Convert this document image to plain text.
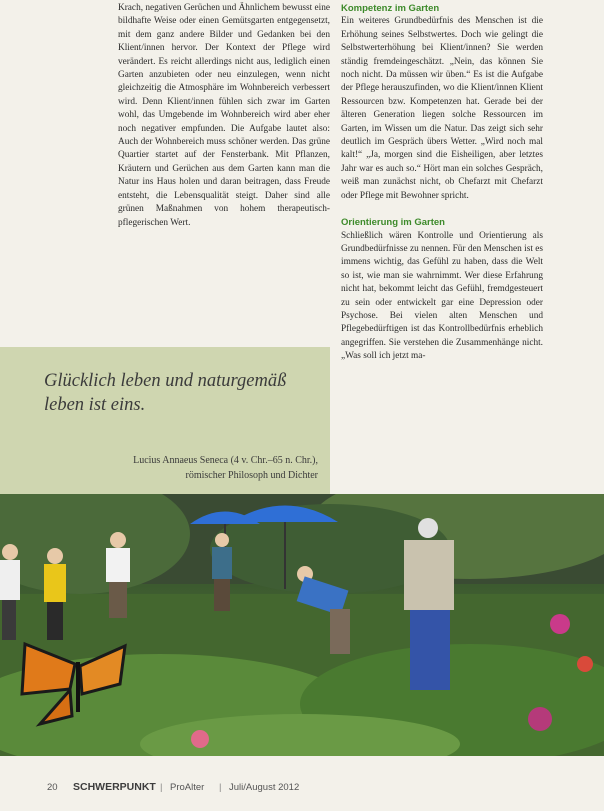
Krach, negativen Gerüchen und Ähnlichem bewusst eine bildhafte Weise oder einen Gemütsgarten entgegensetzt, mit dem ganz andere Bilder und Gedanken bei den Klient/innen hervor. Der Kontext der Pflege wird verändert. Es reicht allerdings nicht aus, lediglich einen Garten anzubieten oder neu einzulegen, wenn nicht gleichzeitig die Atmosphäre im Wohnbereich verbessert wird. Denn Klient/innen fühlen sich zwar im Garten wohl, das Umgebende im Wohnbereich wird aber eher noch negativer empfunden. Die Aufgabe lautet also: Auch der Wohnbereich muss schöner werden. Das grüne Quartier startet auf der Fensterbank. Mit Pflanzen, Kräutern und Gerüchen aus dem Garten kann man die Natur ins Haus holen und daran beitragen, dass Freude entsteht, die Lebensqualität steigt. Daher sind alle grünen Maßnahmen von hohem therapeutisch-pflegerischen Wert.

Kompetenz im Garten

Ein weiteres Grundbedürfnis des Menschen ist die Erhöhung seines Selbstwertes. Doch wie gelingt die Selbstwerterhöhung bei Klient/innen? Sie werden ständig fremdeingeschätzt. „Nein, das können Sie noch nicht. Da müssen wir üben.“ Es ist die Aufgabe der Pflege herauszufinden, wo die Klient/innen Klient Ressourcen bzw. Kompetenzen hat. Gerade bei der älteren Generation liegen solche Ressourcen im Garten, im Wissen um die Natur. Das zeigt sich sehr deutlich im Gespräch übers Wetter. „Wird noch mal kalt!“ „Ja, morgen sind die Eisheiligen, aber letztes Jahr war es auch so.“ Hört man ein solches Gespräch, weiß man zunächst nicht, ob Chefarzt mit Chefarzt oder Pflege mit Bewohner spricht.

Orientierung im Garten

Schließlich wären Kontrolle und Orientierung als Grundbedürfnisse zu nennen. Für den Menschen ist es immens wichtig, das Gefühl zu haben, dass die Welt so ist, wie man sie wahrnimmt. Wer diese Erfahrung nicht hat, bekommt leicht das Gefühl, fremdgesteuert zu sein oder entwickelt gar eine Depression oder Psychose. Bei vielen alten Menschen und Pflegebedürftigen ist das Kontrollbedürfnis erheblich angegriffen. Sie verstehen die Zusammenhänge nicht. „Was soll ich jetzt ma-

Glücklich leben und naturgemäß leben ist eins.
Lucius Annaeus Seneca (4 v. Chr.–65 n. Chr.),
römischer Philosoph und Dichter
20 SCHWERPUNKT | ProAlter | Juli/August 2012
